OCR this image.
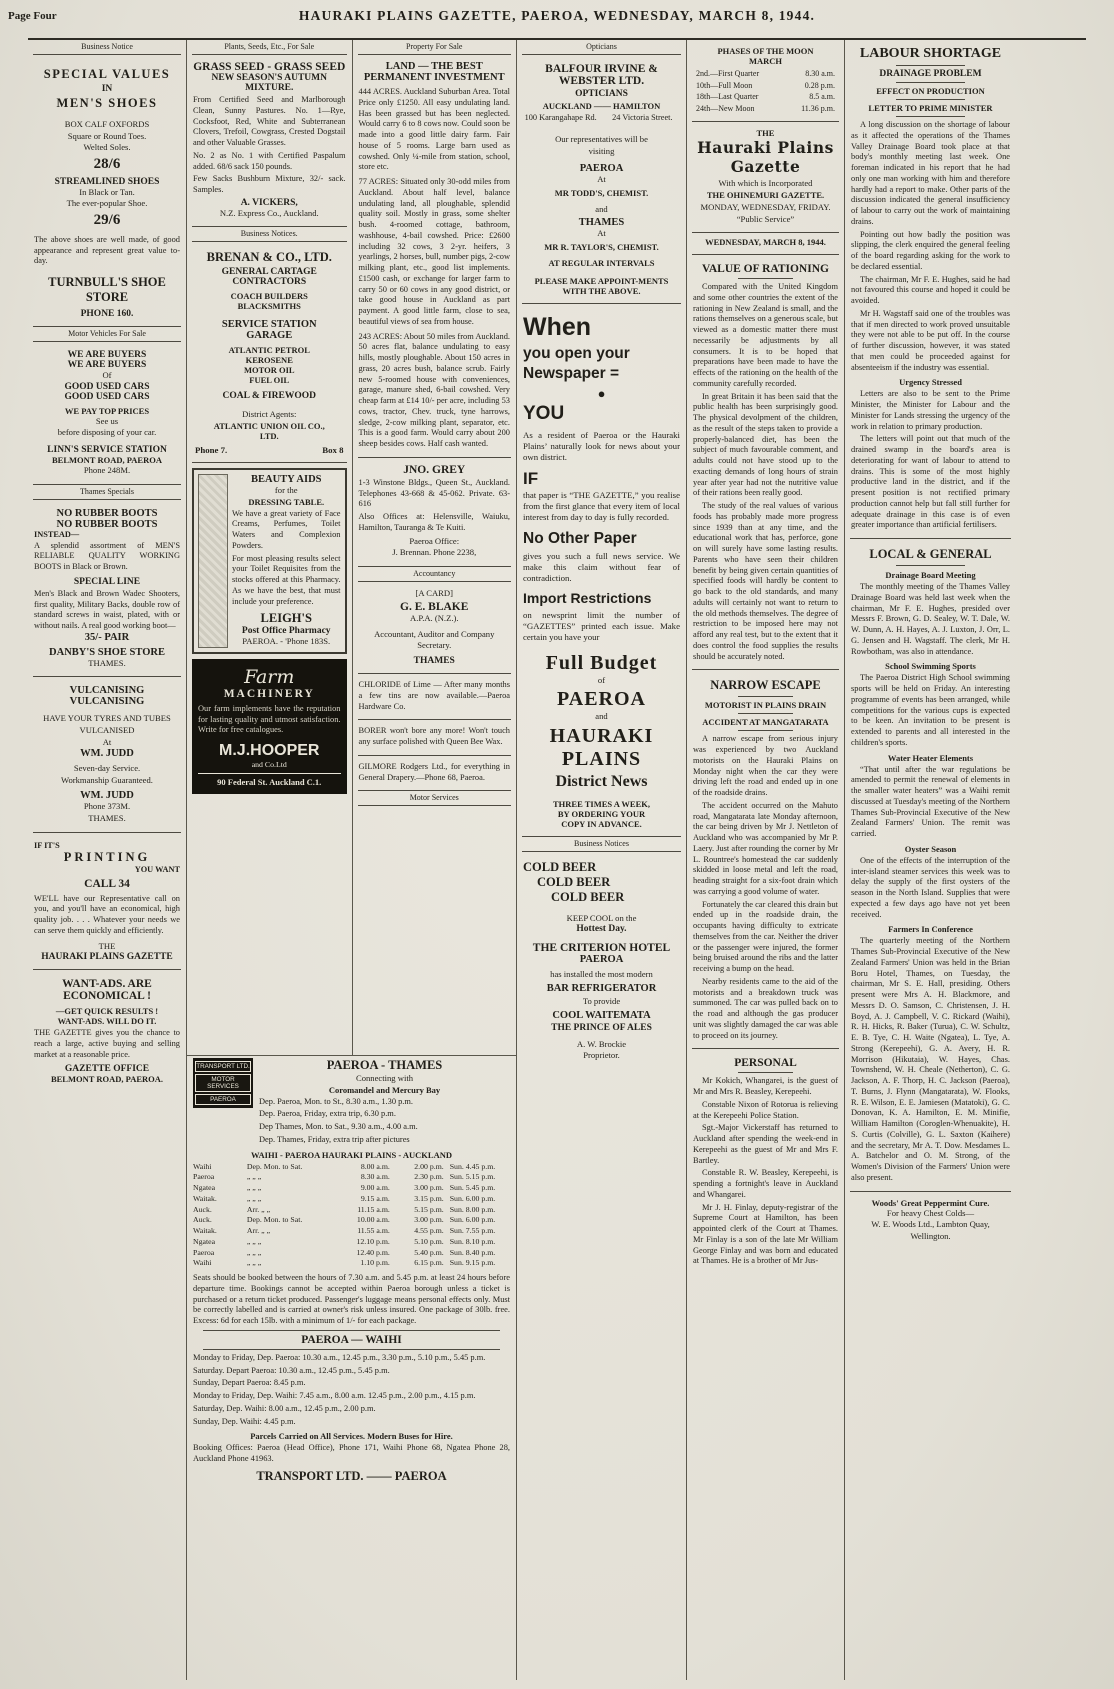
Page Four	HAURAKI PLAINS GAZETTE, PAEROA, WEDNESDAY, MARCH 8, 1944.
Business Notice
SPECIAL VALUES
IN
MEN'S SHOES
BOX CALF OXFORDS
Square or Round Toes.
Welted Soles.
28/6
STREAMLINED SHOES
In Black or Tan.
The ever-popular Shoe.
29/6

The above shoes are well made, of good appearance and represent great value to-day.

TURNBULL'S SHOE STORE
PHONE 160.
Motor Vehicles For Sale
WE ARE BUYERS
WE ARE BUYERS
Of
GOOD USED CARS
GOOD USED CARS
WE PAY TOP PRICES
See us
before disposing of your car.
LINN'S SERVICE STATION
BELMONT ROAD, PAEROA
Phone 248M.
Thames Specials
NO RUBBER BOOTS
NO RUBBER BOOTS
INSTEAD—

A splendid assortment of MEN'S RELIABLE QUALITY WORKING BOOTS in Black or Brown.

SPECIAL LINE

Men's Black and Brown Wadec Shooters, first quality, Military Backs, double row of standard screws in waist, plated, with or without nails. A real good working boot—

35/- PAIR
DANBY'S SHOE STORE
THAMES.
VULCANISING
VULCANISING
HAVE YOUR TYRES AND TUBES VULCANISED
At
WM. JUDD
Seven-day Service.
Workmanship Guaranteed.
WM. JUDD
Phone 373M.
THAMES.
IF IT'S
PRINTING
YOU WANT
CALL 34

WE'LL have our Representative call on you, and you'll have an economical, high quality job. . . . Whatever your needs we can serve them quickly and efficiently.

THE
HAURAKI PLAINS GAZETTE
WANT-ADS. ARE
ECONOMICAL !
—GET QUICK RESULTS !
WANT-ADS. WILL DO IT.

THE GAZETTE gives you the chance to reach a large, active buying and selling market at a reasonable price.

GAZETTE OFFICE
BELMONT ROAD, PAEROA.
Plants, Seeds, Etc., For Sale
GRASS SEED - GRASS SEED
NEW SEASON'S AUTUMN
MIXTURE.

From Certified Seed and Marlborough Clean, Sunny Pastures. No. 1—Rye, Cocksfoot, Red, White and Subterranean Clovers, Trefoil, Cowgrass, Crested Dogstail and other Valuable Grasses.

No. 2 as No. 1 with Certified Paspalum added. 68/6 sack 150 pounds.

Few Sacks Bushburn Mixture, 32/- sack. Samples.

A. VICKERS,
N.Z. Express Co., Auckland.
Business Notices.
BRENAN & CO., LTD.
GENERAL CARTAGE
CONTRACTORS
COACH BUILDERS
BLACKSMITHS
SERVICE STATION
GARAGE
ATLANTIC PETROL
KEROSENE
MOTOR OIL
FUEL OIL
COAL & FIREWOOD
District Agents:
ATLANTIC UNION OIL CO.,
LTD.
Phone 7.	Box 8
BEAUTY AIDS
for the
DRESSING TABLE.

We have a great variety of Face Creams, Perfumes, Toilet Waters and Complexion Powders.

For most pleasing results select your Toilet Requisites from the stocks offered at this Pharmacy. As we have the best, that must include your preference.

LEIGH'S
Post Office Pharmacy
PAEROA. - 'Phone 183S.
Farm
MACHINERY

Our farm implements have the reputation for lasting quality and utmost satisfaction. Write for free catalogues.

M.J.HOOPER
and Co.Ltd
90 Federal St. Auckland C.1.
Property For Sale
LAND — THE BEST PERMANENT INVESTMENT

444 ACRES. Auckland Suburban Area. Total Price only £1250. All easy undulating land. Has been grassed but has been neglected. Would carry 6 to 8 cows now. Could soon be made into a good little dairy farm. Fair house of 5 rooms. Large barn used as cowshed. Only ¼-mile from station, school, store etc.

77 ACRES: Situated only 30-odd miles from Auckland. About half level, balance undulating land, all ploughable, splendid quality soil. Mostly in grass, some shelter bush. 4-roomed cottage, bathroom, washhouse, 4-bail cowshed. Price: £2600 including 32 cows, 3 2-yr. heifers, 3 yearlings, 2 horses, bull, number pigs, 2-cow milking plant, etc., good list implements. £1500 cash, or exchange for larger farm to carry 50 or 60 cows in any good district, or take good house in Auckland as part payment. A good little farm, close to sea, beautiful views of sea from house.

243 ACRES: About 50 miles from Auckland. 50 acres flat, balance undulating to easy hills, mostly ploughable. About 150 acres in grass, 20 acres bush, balance scrub. Fairly new 5-roomed house with conveniences, garage, manure shed, 6-bail cowshed. Very cheap farm at £14 10/- per acre, including 53 cows, tractor, Chev. truck, tyne harrows, sledge, 2-cow milking plant, separator, etc. This is a good farm. Would carry about 200 sheep besides cows. Half cash wanted.

JNO. GREY

1-3 Winstone Bldgs., Queen St., Auckland. Telephones 43-668 & 45-062. Private. 63-616

Also Offices at: Helensville, Waiuku, Hamilton, Tauranga & Te Kuiti.

Paeroa Office:
J. Brennan. Phone 2238,
Accountancy
[A CARD]
G. E. BLAKE
A.P.A. (N.Z.).
Accountant, Auditor and Company Secretary.
THAMES

CHLORIDE of Lime — After many months a few tins are now available.—Paeroa Hardware Co.

BORER won't bore any more! Won't touch any surface polished with Queen Bee Wax.

GILMORE Rodgers Ltd., for everything in General Drapery.—Phone 68, Paeroa.

Motor Services
TRANSPORT LTD.
MOTOR SERVICES
PAEROA
PAEROA - THAMES
Connecting with
Coromandel and Mercury Bay

Dep. Paeroa, Mon. to St., 8.30 a.m., 1.30 p.m.

Dep. Paeroa, Friday, extra trip, 6.30 p.m.

Dep Thames, Mon. to Sat., 9.30 a.m., 4.00 a.m.

Dep. Thames, Friday, extra trip after pictures

WAIHI - PAEROA HAURAKI PLAINS - AUCKLAND
Waihi	Dep. Mon. to Sat.	8.00 a.m.	2.00 p.m. Sun. 4.45 p.m.
Paeroa	„ „ „	8.30 a.m.	2.30 p.m. Sun. 5.15 p.m.
Ngatea	„ „ „	9.00 a.m.	3.00 p.m. Sun. 5.45 p.m.
Waitak.	„ „ „	9.15 a.m.	3.15 p.m. Sun. 6.00 p.m.
Auck.	Arr. „ „	11.15 a.m.	5.15 p.m. Sun. 8.00 p.m.
Auck.	Dep. Mon. to Sat.	10.00 a.m.	3.00 p.m. Sun. 6.00 p.m.
Waitak.	Arr. „ „	11.55 a.m.	4.55 p.m. Sun. 7.55 p.m.
Ngatea	„ „ „	12.10 p.m.	5.10 p.m. Sun. 8.10 p.m.
Paeroa	„ „ „	12.40 p.m.	5.40 p.m. Sun. 8.40 p.m.
Waihi	„ „ „	1.10 p.m.	6.15 p.m. Sun. 9.15 p.m.

Seats should be booked between the hours of 7.30 a.m. and 5.45 p.m. at least 24 hours before departure time. Bookings cannot be accepted within Paeroa borough unless a ticket is purchased or a return ticket produced. Passenger's luggage means personal effects only. Must be correctly labelled and is carried at owner's risk unless insured. One package of 30lb. free. Excess: 6d for each 15lb. with a minimum of 1/- for each package.

PAEROA — WAIHI

Monday to Friday, Dep. Paeroa: 10.30 a.m., 12.45 p.m., 3.30 p.m., 5.10 p.m., 5.45 p.m.

Saturday. Depart Paeroa: 10.30 a.m., 12.45 p.m., 5.45 p.m.

Sunday, Depart Paeroa: 8.45 p.m.

Monday to Friday, Dep. Waihi: 7.45 a.m., 8.00 a.m. 12.45 p.m., 2.00 p.m., 4.15 p.m.

Saturday, Dep. Waihi: 8.00 a.m., 12.45 p.m., 2.00 p.m.

Sunday, Dep. Waihi: 4.45 p.m.

Parcels Carried on All Services. Modern Buses for Hire.

Booking Offices: Paeroa (Head Office), Phone 171, Waihi Phone 68, Ngatea Phone 28, Auckland Phone 41963.

TRANSPORT LTD. —— PAEROA
Opticians
BALFOUR IRVINE &
WEBSTER LTD.
OPTICIANS
AUCKLAND —— HAMILTON
100 Karangahape Rd.	24 Victoria Street.
Our representatives will be
visiting
PAEROA
At
MR TODD'S, CHEMIST.
and
THAMES
At
MR R. TAYLOR'S, CHEMIST.
AT REGULAR INTERVALS
PLEASE MAKE APPOINT-MENTS WITH THE ABOVE.
When
you open your
Newspaper =
●
YOU

As a resident of Paeroa or the Hauraki Plains’ naturally look for news about your own district.

IF

that paper is “THE GAZETTE,” you realise from the first glance that every item of local interest from day to day is fully recorded.

No Other Paper

gives you such a full news service. We make this claim without fear of contradiction.

Import Restrictions

on newsprint limit the number of “GAZETTES” printed each issue. Make certain you have your

Full Budget
of
PAEROA
and
HAURAKI
PLAINS
District News
THREE TIMES A WEEK,
BY ORDERING YOUR
COPY IN ADVANCE.
Business Notices
COLD BEER
COLD BEER
COLD BEER
KEEP COOL on the
Hottest Day.
THE CRITERION HOTEL
PAEROA
has installed the most modern
BAR REFRIGERATOR
To provide
COOL WAITEMATA
THE PRINCE OF ALES
A. W. Brockie
Proprietor.
PHASES OF THE MOON
MARCH
2nd.—First Quarter	8.30 a.m.
10th—Full Moon	0.28 p.m.
18th—Last Quarter	8.5 a.m.
24th—New Moon	11.36 p.m.
THE
Hauraki Plains Gazette
With which is Incorporated
THE OHINEMURI GAZETTE.
MONDAY, WEDNESDAY, FRIDAY.
“Public Service”
WEDNESDAY, MARCH 8, 1944.
VALUE OF RATIONING

Compared with the United Kingdom and some other countries the extent of the rationing in New Zealand is small, and the rations themselves on a generous scale, but viewed as a domestic matter there must necessarily be adjustments by all consumers. It is to be hoped that preparations have been made to have the effects of the rationing on the health of the community carefully recorded.

In great Britain it has been said that the public health has been surprisingly good. The physical devolpment of the children, as the result of the steps taken to provide a properly-balanced diet, has been the subject of much favourable comment, and adults could not have stood up to the exacting demands of long hours of strain year after year had not the nutritive value of their rations been really good.

The study of the real values of various foods has probably made more progress since 1939 than at any time, and the educational work that has, perforce, gone on will surely have some lasting results. Parents who have seen their children benefit by being given certain quantities of specified foods will hardly be content to go back to the old standards, and many adults will certainly not want to return to the old methods themselves. The degree of restriction to be imposed here may not afford any real test, but to the extent that it does control the food supplies the results should be accurately noted.

NARROW ESCAPE
MOTORIST IN PLAINS DRAIN
ACCIDENT AT MANGATARATA

A narrow escape from serious injury was experienced by two Auckland motorists on the Hauraki Plains on Monday night when the car they were driving left the road and ended up in one of the roadside drains.

The accident occurred on the Mahuto road, Mangatarata late Monday afternoon, the car being driven by Mr J. Nettleton of Auckland who was accompanied by Mr P. Laery. Just after rounding the corner by Mr L. Rountree's homestead the car suddenly skidded in loose metal and left the road, heading straight for a six-foot drain which was carrying a good volume of water.

Fortunately the car cleared this drain but ended up in the roadside drain, the occupants having difficulty to extricate themselves from the car. Neither the driver or the passenger were injured, the former being bruised around the ribs and the latter receiving a bump on the head.

Nearby residents came to the aid of the motorists and a breakdown truck was summoned. The car was pulled back on to the road and although the gas producer unit was slightly damaged the car was able to proceed on its journey.

PERSONAL

Mr Kokich, Whangarei, is the guest of Mr and Mrs R. Beasley, Kerepeehi.

Constable Nixon of Rotorua is relieving at the Kerepeehi Police Station.

Sgt.-Major Vickerstaff has returned to Auckland after spending the week-end in Kerepeehi as the guest of Mr and Mrs F. Bartley.

Constable R. W. Beasley, Kerepeehi, is spending a fortnight's leave in Auckland and Whangarei.

Mr J. H. Finlay, deputy-registrar of the Supreme Court at Hamilton, has been appointed clerk of the Court at Thames. Mr Finlay is a son of the late Mr William George Finlay and was born and educated at Thames. He is a brother of Mr Jus-

LABOUR SHORTAGE
DRAINAGE PROBLEM
EFFECT ON PRODUCTION
LETTER TO PRIME MINISTER

A long discussion on the shortage of labour as it affected the operations of the Thames Valley Drainage Board took place at that body's monthly meeting last week. One foreman indicated in his report that he had only one man working with him and therefore hardly had a report to make. Other parts of the discussion indicated the general insufficiency of labour to carry out the work of maintaining drains.

Pointing out how badly the position was slipping, the clerk enquired the general feeling of the board regarding asking for the work to be declared essential.

The chairman, Mr F. E. Hughes, said he had not favoured this course and hoped it could be avoided.

Mr H. Wagstaff said one of the troubles was that if men directed to work proved unsuitable they were not able to be put off. In the course of further discussion, however, it was stated that men could be proceeded against for absenteeism if the industry was essential.

Urgency Stressed

Letters are also to be sent to the Prime Minister, the Minister for Labour and the Minister for Lands stressing the urgency of the work in relation to primary production.

The letters will point out that much of the drained swamp in the board's area is deteriorating for want of labour to attend to drains. This is some of the most highly productive land in the district, and if the present position is not rectified primary production cannot help but fall still further for adequate drainage in this case is of even greater importance than artificial fertilisers.

LOCAL & GENERAL
Drainage Board Meeting

The monthly meeting of the Thames Valley Drainage Board was held last week when the chairman, Mr F. E. Hughes, presided over Messrs F. Brown, G. D. Sealey, W. T. Dale, W. W. Dunn, A. H. Hayes, A. J. Luxton, J. Orr, L. G. Jensen and H. Wagstaff. The clerk, Mr H. Rowbotham, was also in attendance.

School Swimming Sports

The Paeroa District High School swimming sports will be held on Friday. An interesting programme of events has been arranged, while competitions for the various cups is expected to be keen. An invitation to be present is extended to parents and all interested in the children's sports.

Water Heater Elements

“That until after the war regulations be amended to permit the renewal of elements in the smaller water heaters” was a Waihi remit discussed at Tuesday's meeting of the Northern Thames Sub-Provincial Executive of the New Zealand Farmers' Union. The remit was carried.

Oyster Season

One of the effects of the interruption of the inter-island steamer services this week was to delay the supply of the first oysters of the season in the North Island. Supplies that were expected a few days ago have not yet been received.

Farmers In Conference

The quarterly meeting of the Northern Thames Sub-Provincial Executive of the New Zealand Farmers' Union was held in the Brian Boru Hotel, Thames, on Tuesday, the chairman, Mr S. E. Hall, presiding. Others present were Mrs A. H. Blackmore, and Messrs D. O. Samson, C. Christensen, J. H. Boyd, A. J. Campbell, V. C. Rickard (Waihi), R. H. Hicks, R. Baker (Turua), C. W. Schultz, E. B. Tye, C. H. Waite (Ngatea), L. Tye, A. Strong (Kerepeehi), G. A. Avery, H. R. Morrison (Hikutaia), W. Hayes, Chas. Townshend, W. H. Cheale (Netherton), C. G. Jackson, A. F. Thorp, H. C. Jackson (Paeroa), T. Burns, J. Flynn (Mangatarata), W. Flooks, R. E. Wilson, E. E. Jamiesen (Matatoki), G. C. Donovan, K. A. Hamilton, E. M. Minifie, William Hamilton (Coroglen-Whenuakite), H. S. Curtis (Colville), G. L. Saxton (Kaihere) and the secretary, Mr A. T. Dow. Mesdames L. A. Batchelor and O. M. Strong, of the Women's Division of the Farmers' Union were also present.

Woods' Great Peppermint Cure.
For heavy Chest Colds—
W. E. Woods Ltd., Lambton Quay,
Wellington.
